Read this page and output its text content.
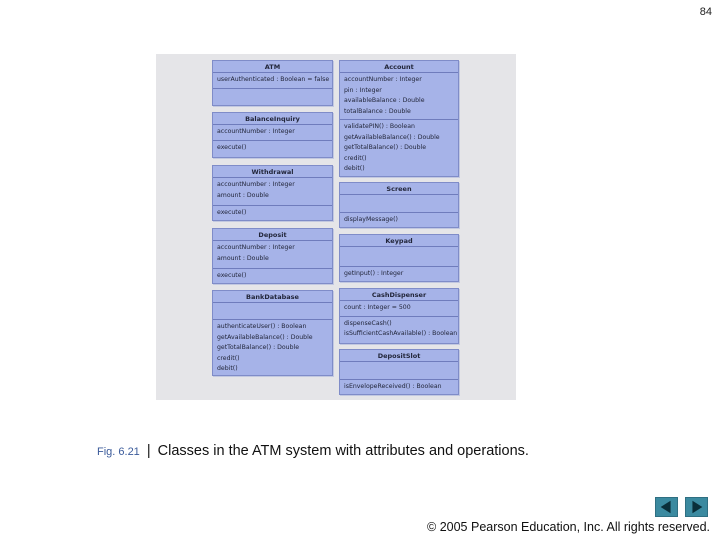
84
ATM
userAuthenticated : Boolean = false
BalanceInquiry
accountNumber : Integer
execute()
Withdrawal
accountNumber : Integer
amount : Double
execute()
Deposit
accountNumber : Integer
amount : Double
execute()
BankDatabase
authenticateUser() : Boolean
getAvailableBalance() : Double
getTotalBalance() : Double
credit()
debit()
Account
accountNumber : Integer
pin : Integer
availableBalance : Double
totalBalance : Double
validatePIN() : Boolean
getAvailableBalance() : Double
getTotalBalance() : Double
credit()
debit()
Screen
displayMessage()
Keypad
getInput() : Integer
CashDispenser
count : Integer = 500
dispenseCash()
isSufficientCashAvailable() : Boolean
DepositSlot
isEnvelopeReceived() : Boolean
Fig. 6.21 | Classes in the ATM system with attributes and operations.
© 2005 Pearson Education, Inc. All rights reserved.
